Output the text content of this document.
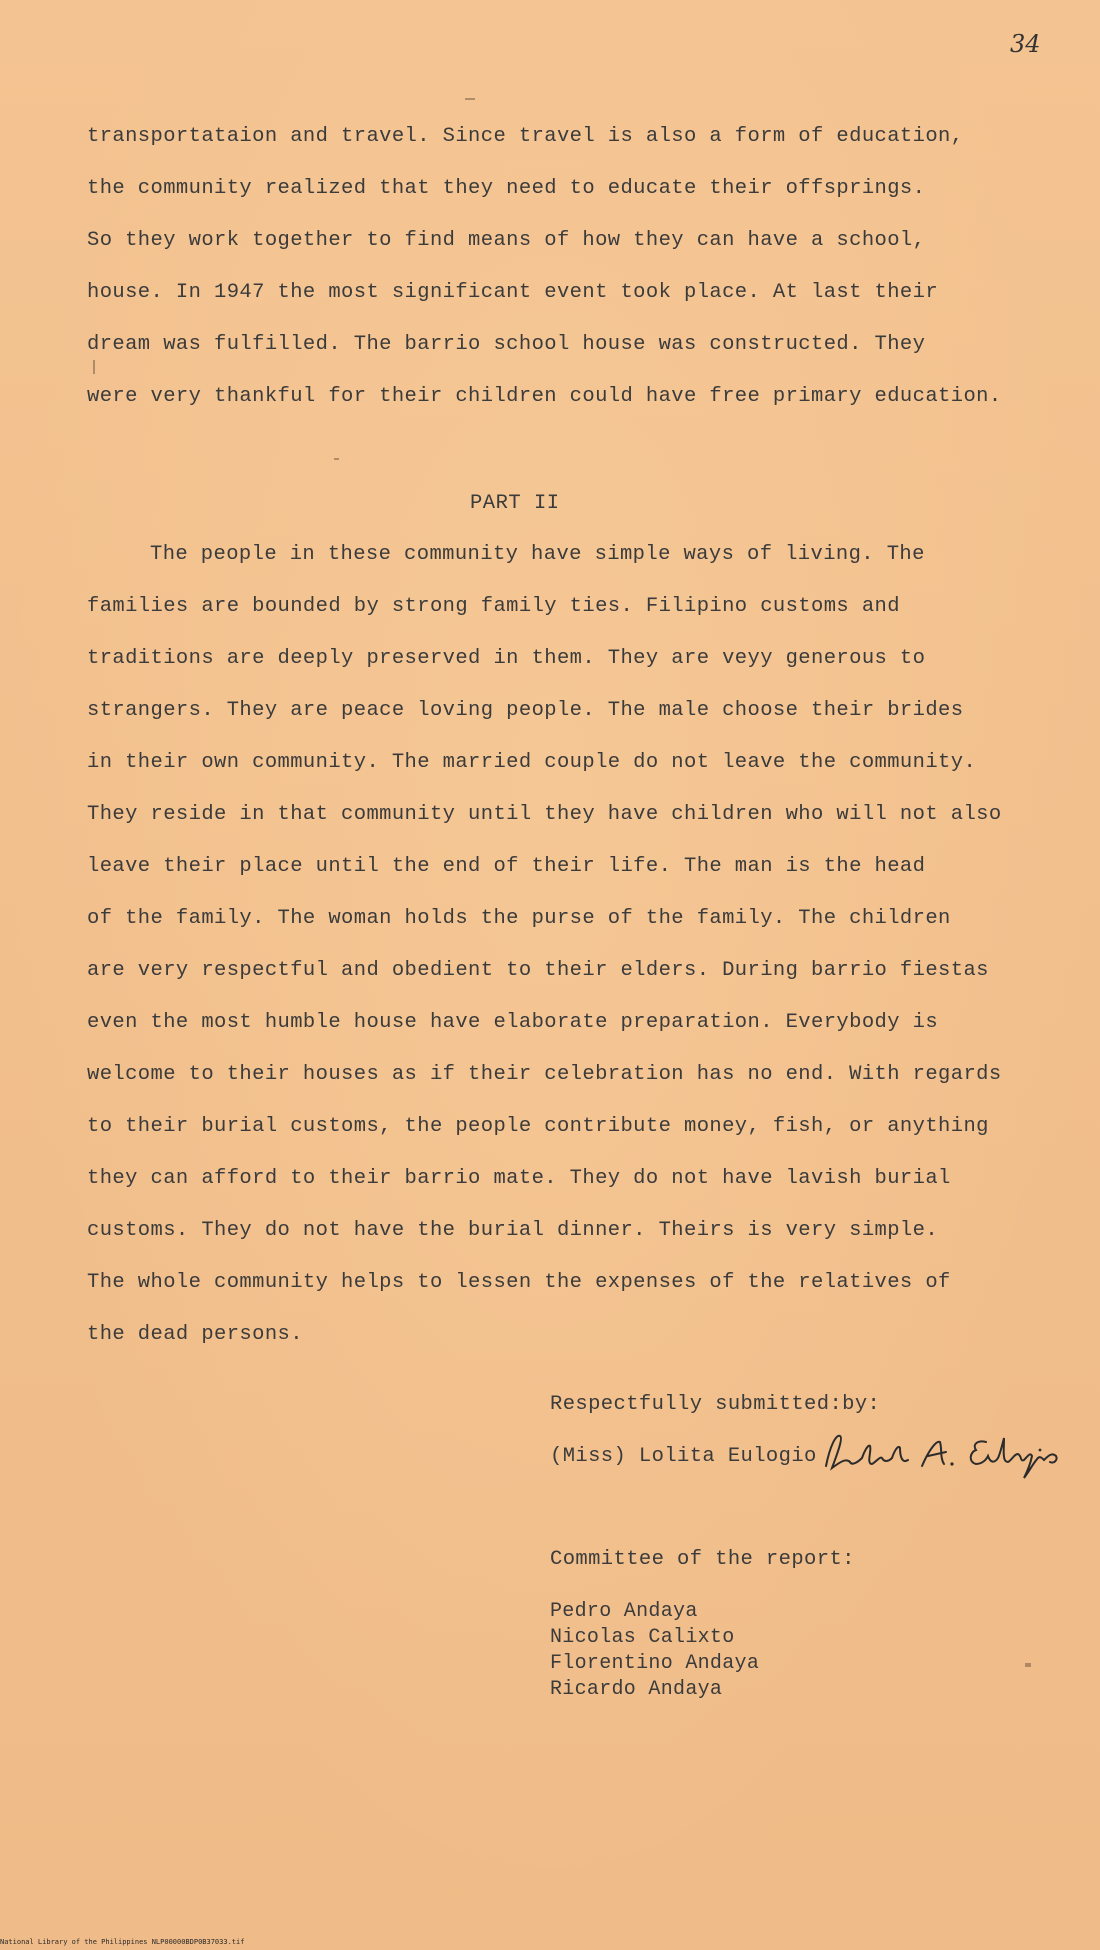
34
transportataion and travel. Since travel is also a form of education,
the community realized that they need to educate their offsprings.
So they work together to find means of how they can have a school,
house. In 1947 the most significant event took place. At last their
dream was fulfilled. The barrio school house was constructed. They
were very thankful for their children could have free primary education.
PART II
The people in these community have simple ways of living. The
families are bounded by strong family ties. Filipino customs and
traditions are deeply preserved in them. They are veyy generous to
strangers. They are peace loving people. The male choose their brides
in their own community. The married couple do not leave the community.
They reside in that community until they have children who will not also
leave their place until the end of their life. The man is the head
of the family. The woman holds the purse of the family. The children
are very respectful and obedient to their elders. During barrio fiestas
even the most humble house have elaborate preparation. Everybody is
welcome to their houses as if their celebration has no end. With regards
to their burial customs, the people contribute money, fish, or anything
they can afford to their barrio mate. They do not have lavish burial
customs. They do not have the burial dinner. Theirs is very simple.
The whole community helps to lessen the expenses of the relatives of
the dead persons.
Respectfully submitted:by:
(Miss) Lolita Eulogio
Committee of the report:
Pedro Andaya
Nicolas Calixto
Florentino Andaya
Ricardo Andaya
National Library of the Philippines NLP00000BDP0B37033.tif
